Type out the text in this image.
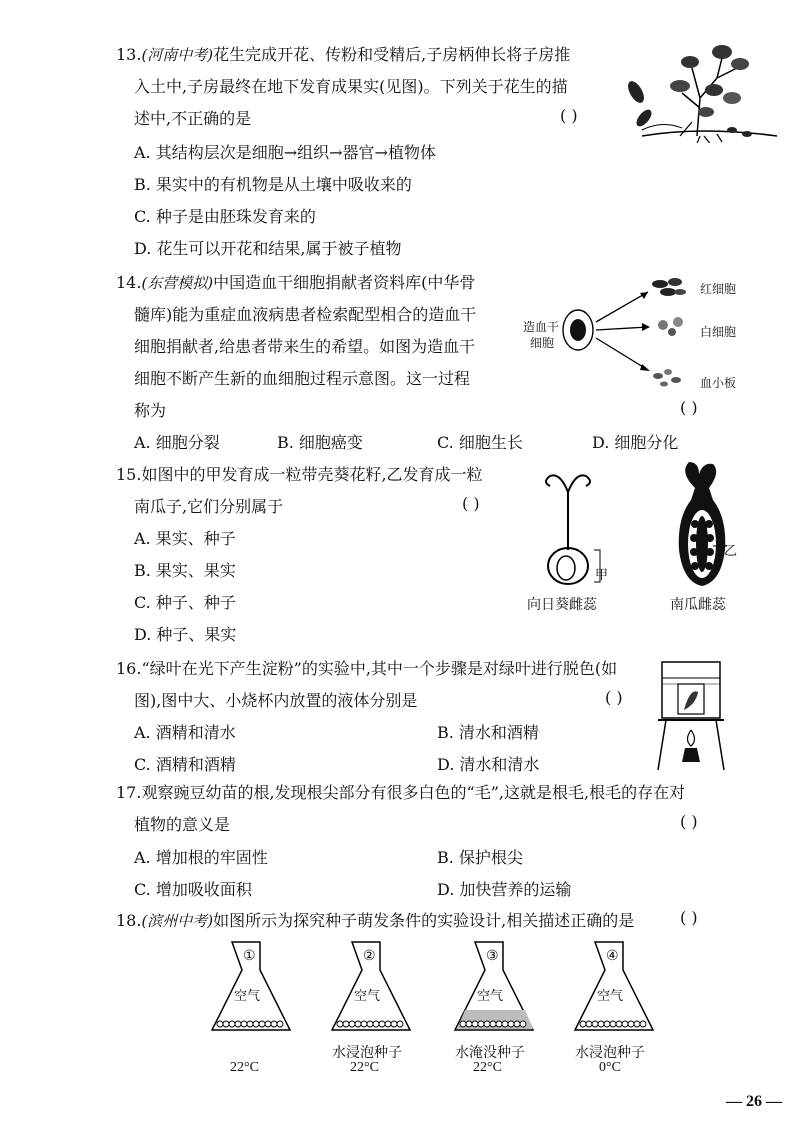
13.(河南中考)花生完成开花、传粉和受精后,子房柄伸长将子房推
入土中,子房最终在地下发育成果实(见图)。下列关于花生的描
述中,不正确的是	( )
A. 其结构层次是细胞→组织→器官→植物体
B. 果实中的有机物是从土壤中吸收来的
C. 种子是由胚珠发育来的
D. 花生可以开花和结果,属于被子植物
14.(东营模拟)中国造血干细胞捐献者资料库(中华骨
髓库)能为重症血液病患者检索配型相合的造血干
细胞捐献者,给患者带来生的希望。如图为造血干
细胞不断产生新的血细胞过程示意图。这一过程
称为	( )
A. 细胞分裂	B. 细胞癌变	C. 细胞生长	D. 细胞分化
造血干
细胞
红细胞
白细胞
血小板
15.如图中的甲发育成一粒带壳葵花籽,乙发育成一粒
南瓜子,它们分别属于	( )
A. 果实、种子
B. 果实、果实
C. 种子、种子
D. 种子、果实
甲
向日葵雌蕊
乙
南瓜雌蕊
16.“绿叶在光下产生淀粉”的实验中,其中一个步骤是对绿叶进行脱色(如
图),图中大、小烧杯内放置的液体分别是	( )
A. 酒精和清水	B. 清水和酒精
C. 酒精和酒精	D. 清水和清水
17.观察豌豆幼苗的根,发现根尖部分有很多白色的“毛”,这就是根毛,根毛的存在对
植物的意义是	( )
A. 增加根的牢固性	B. 保护根尖
C. 增加吸收面积	D. 加快营养的运输
18.(滨州中考)如图所示为探究种子萌发条件的实验设计,相关描述正确的是	( )
①
空气
22°C
②
空气
水浸泡种子
22°C
③
空气
水淹没种子
22°C
④
空气
水浸泡种子
0°C
— 26 —
